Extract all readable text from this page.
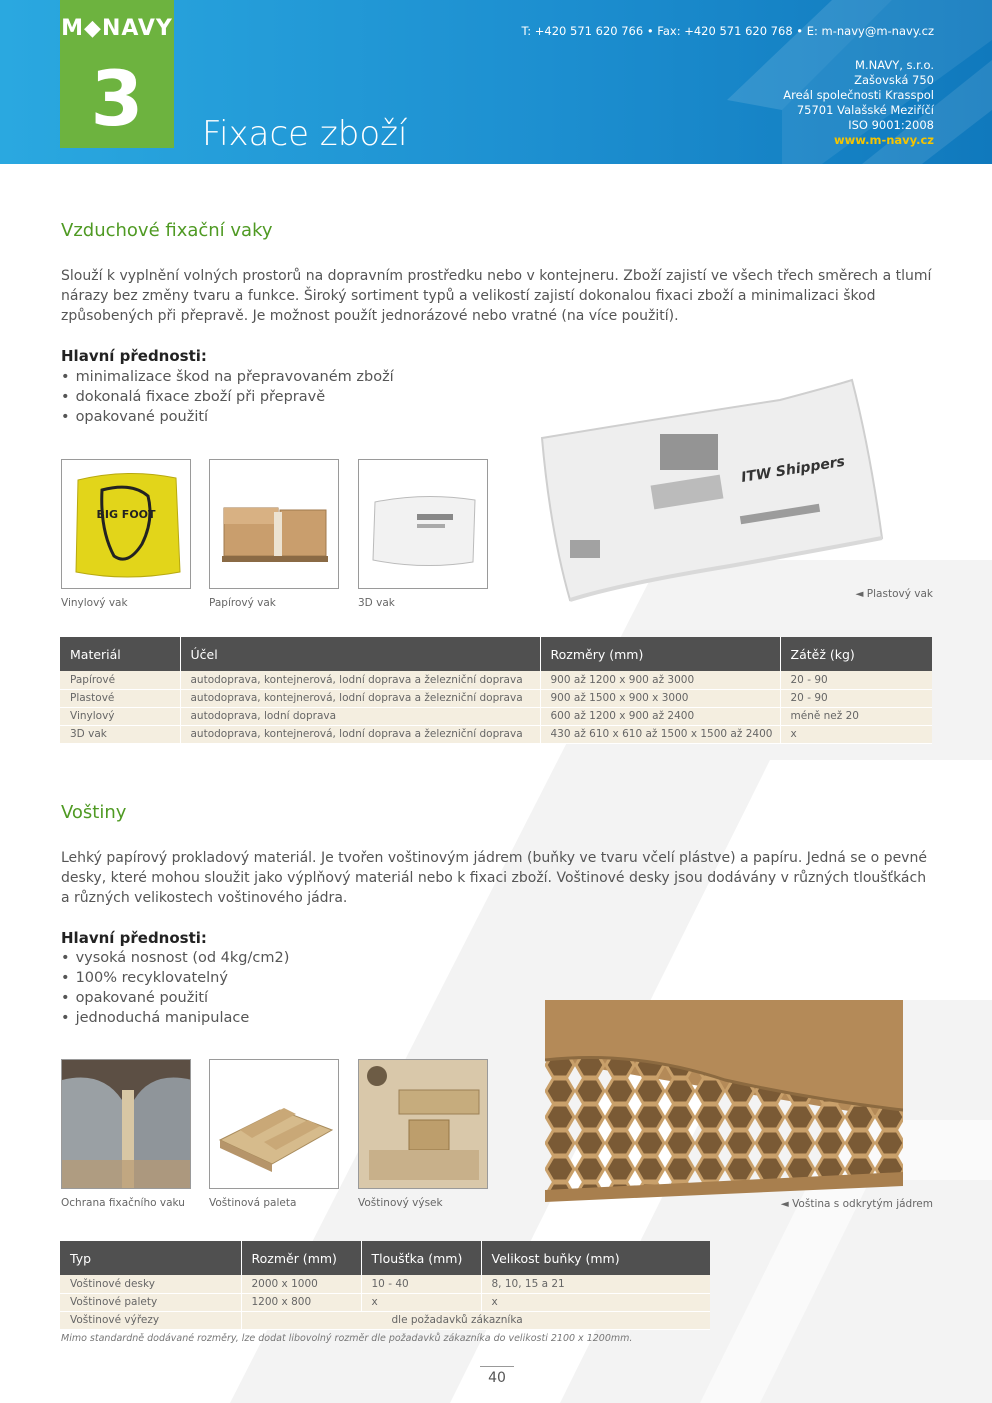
M◆NAVY
3	Fixace zboží
T: +420 571 620 766 • Fax: +420 571 620 768 • E: m-navy@m-navy.cz
M.NAVY, s.r.o.
Zašovská 750
Areál společnosti Krasspol
75701 Valašské Meziříčí
ISO 9001:2008
www.m-navy.cz
Vzduchové fixační vaky

Slouží k vyplnění volných prostorů na dopravním prostředku nebo v kontejneru. Zboží zajistí ve všech třech směrech a tlumí nárazy bez změny tvaru a funkce. Široký sortiment typů a velikostí zajistí dokonalou fixaci zboží a minimalizaci škod způsobených při přepravě. Je možnost použít jednorázové nebo vratné (na více použití).

Hlavní přednosti:
• minimalizace škod na přepravovaném zboží
• dokonalá fixace zboží při přepravě
• opakované použití
BIG FOOT
Vinylový vak	Papírový vak	3D vak
ITW Shippers
◄ Plastový vak
Materiál	Účel	Rozměry (mm)	Zátěž (kg)
Papírové	autodoprava, kontejnerová, lodní doprava a železniční doprava	900 až 1200 x 900 až 3000	20 - 90
Plastové	autodoprava, kontejnerová, lodní doprava a železniční doprava	900 až 1500 x 900 x 3000	20 - 90
Vinylový	autodoprava, lodní doprava	600 až 1200 x 900 až 2400	méně než 20
3D vak	autodoprava, kontejnerová, lodní doprava a železniční doprava	430 až 610 x 610 až 1500 x 1500 až 2400	x
Voštiny

Lehký papírový prokladový materiál. Je tvořen voštinovým jádrem (buňky ve tvaru včelí plástve) a papíru. Jedná se o pevné desky, které mohou sloužit jako výplňový materiál nebo k fixaci zboží. Voštinové desky jsou dodávány v různých tloušťkách a různých velikostech voštinového jádra.

Hlavní přednosti:
• vysoká nosnost (od 4kg/cm2)
• 100% recyklovatelný
• opakované použití
• jednoduchá manipulace
Ochrana fixačního vaku Voštinová paleta	Voštinový výsek	◄ Voština s odkrytým jádrem
Typ	Rozměr (mm)	Tloušťka (mm)	Velikost buňky (mm)
Voštinové desky	2000 x 1000	10 - 40	8, 10, 15 a 21
Voštinové palety	1200 x 800	x	x
Voštinové výřezy	dle požadavků zákazníka		
Mimo standardně dodávané rozměry, lze dodat libovolný rozměr dle požadavků zákazníka do velikosti 2100 x 1200mm.
40
